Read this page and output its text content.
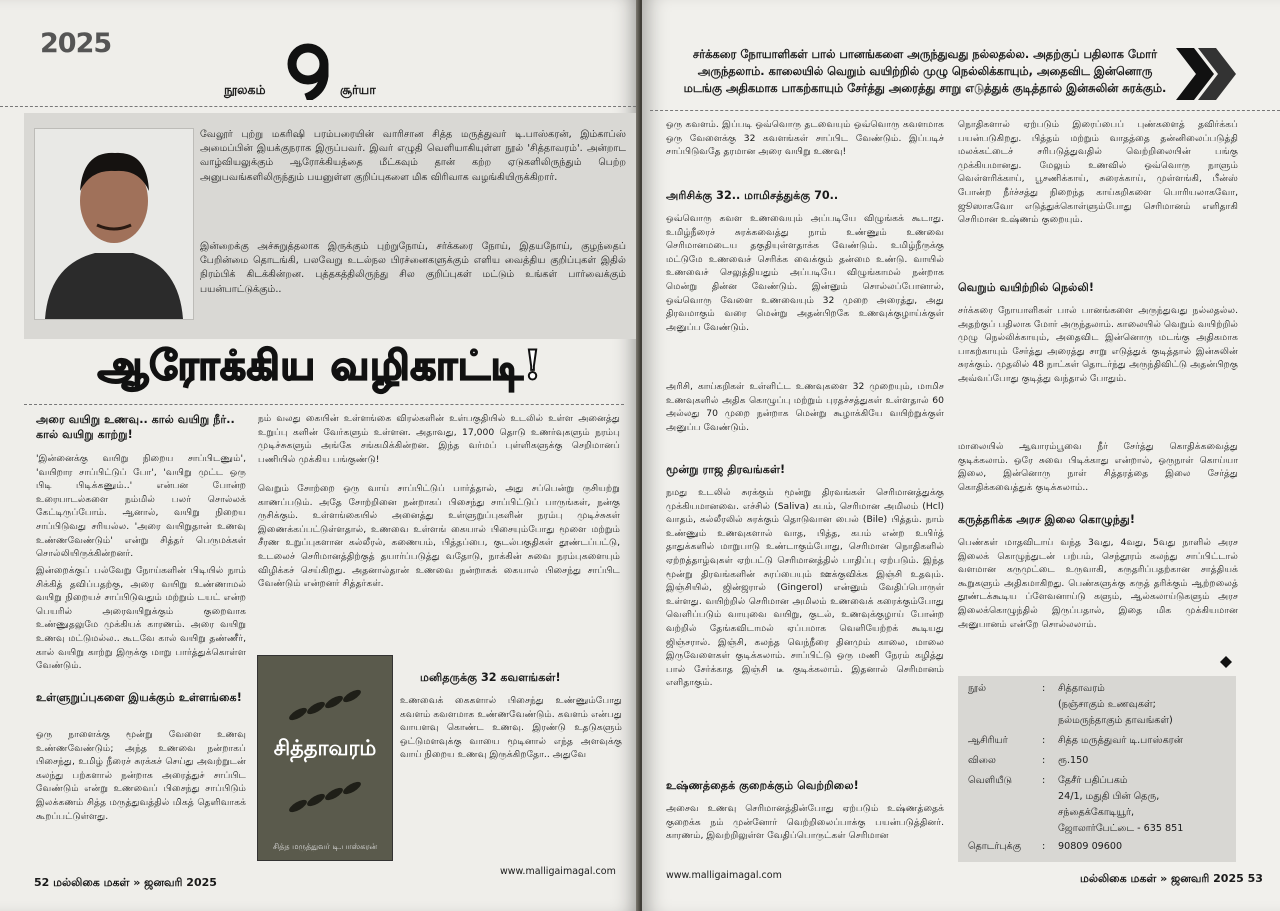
2025
நூலகம்	சூர்யா

வேலூர் புற்று மகரிஷி பரம்பரையின் வாரிசான சித்த மருத்துவர் டி.பாஸ்கரன், இம்காப்ஸ் அமைப்பின் இயக்குநராக இருப்பவர். இவர் எழுதி வெளியாகியுள்ள நூல் 'சித்தாவரம்'. அன்றாட வாழ்வியலுக்கும் ஆரோக்கியத்தை மீட்கவும் தான் கற்ற ஏடுகளிலிருந்தும் பெற்ற அனுபவங்களிலிருந்தும் பயனுள்ள குறிப்புகளை மிக விரிவாக வழங்கியிருக்கிறார்.

இன்றைக்கு அச்சுறுத்தலாக இருக்கும் புற்றுநோய், சர்க்கரை நோய், இதயநோய், குழந்தைப் பேறின்மை தொடங்கி, பலவேறு உடல்நல பிரச்னைகளுக்கும் எளிய வைத்திய குறிப்புகள் இதில் நிரம்பிக் கிடக்கின்றன. புத்தகத்திலிருந்து சில குறிப்புகள் மட்டும் உங்கள் பார்வைக்கும் பயன்பாட்டுக்கும்..

ஆரோக்கிய வழிகாட்டி!
அரை வயிறு உணவு.. கால் வயிறு நீர்.. கால் வயிறு காற்று!

'இன்னைக்கு வயிறு நிறைய சாப்பிடணும்', 'வயிறார சாப்பிட்டுப் போ', 'வயிறு முட்ட ஒரு பிடி பிடிக்கணும்..' என்பன போன்ற உரையாடல்களை நம்மில் பலர் சொல்லக் கேட்டிருப்போம். ஆனால், வயிறு நிறைய சாப்பிடுவது சரியல்ல. 'அரை வயிறுதான் உணவு உண்ணவேண்டும்' என்று சித்தர் பெருமக்கள் சொல்லியிருக்கின்றனர்.

இன்றைக்குப் பல்வேறு நோய்களின் பிடியில் நாம் சிக்கித் தவிப்பதற்கு, அரை வயிறு உண்ணாமல் வயிறு நிறையச் சாப்பிடுவதும் மற்றும் டயட் என்ற பெயரில் அரைவயிறுக்கும் குறைவாக உண்ணுதலுமே முக்கியக் காரணம். அரை வயிறு உணவு மட்டுமல்ல.. கூடவே கால் வயிறு தண்ணீர், கால் வயிறு காற்று இருக்கு மாறு பார்த்துக்கொள்ள வேண்டும்.

உள்ளுறுப்புகளை இயக்கும் உள்ளங்கை!

ஒரு நாளைக்கு மூன்று வேளை உணவு உண்ணவேண்டும்; அந்த உணவை நன்றாகப் பிசைந்து, உமிழ் நீரைச் சுரக்கச் செய்து அவற்றுடன் கலந்து பற்களால் நன்றாக அரைத்துச் சாப்பிட வேண்டும் என்று உணவைப் பிசைந்து சாப்பிடும் இலக்கணம் சித்த மருத்துவத்தில் மிகத் தெளிவாகக் கூறப்பட்டுள்ளது.

நம் வலது கையின் உள்ளங்கை விரல்களின் உள்பகுதியில் உடலில் உள்ள அனைத்து உறுப்பு களின் வேர்களும் உள்ளன. அதாவது, 17,000 தொடு உணர்வுகளும் நரம்பு முடிச்சுகளும் அங்கே சங்கமிக்கின்றன. இந்த வர்மப் புள்ளிகளுக்கு செறிமானப் பணியில் முக்கிய பங்குண்டு!

வெறும் சோற்றை ஒரு வாய் சாப்பிட்டுப் பார்த்தால், அது சப்பென்று ருசியற்று காணப்படும். அதே சோற்றினை நன்றாகப் பிசைந்து சாப்பிட்டுப் பாருங்கள், நன்கு ருசிக்கும். உள்ளங்கையில் அனைத்து உள்ளுறுப்புகளின் நரம்பு முடிச்சுகள் இணைக்கப்பட்டுள்ளதால், உணவை உள்ளங் கையால் பிசையும்போது மூளை மற்றும் சீரண உறுப்புகளான கல்லீரல், கணையம், பித்தப்பை, குடல்பகுதிகள் தூண்டப்பட்டு, உடலைச் செரிமானத்திற்குத் தயார்ப்படுத்து வதோடு, நாக்கின் சுவை நரம்புகளையும் விழிக்கச் செய்கிறது. அதனால்தான் உணவை நன்றாகக் கையால் பிசைந்து சாப்பிட வேண்டும் என்றனர் சித்தர்கள்.

சித்தாவரம்
சித்த மருத்துவர் டி.பாஸ்கரன்
மனிதருக்கு 32 கவளங்கள்!

உணவைக் கைகளால் பிசைந்து உண்ணும்போது கவளம் கவளமாக உண்ணவேண்டும். கவளம் என்பது வாயளவு கொண்ட உணவு. இரண்டு உதடுகளும் ஒட்டுமளவுக்கு வாயை மூடினால் எந்த அளவுக்கு வாய் நிறைய உணவு இருக்கிறதோ.. அதுவே

www.malligaimagal.com
52 மல்லிகை மகள் » ஜனவரி 2025
சர்க்கரை நோயாளிகள் பால் பானங்களை அருந்துவது நல்லதல்ல. அதற்குப் பதிலாக மோர் அருந்தலாம். காலையில் வெறும் வயிற்றில் முழு நெல்லிக்காயும், அதைவிட இன்னொரு மடங்கு அதிகமாக பாகற்காயும் சேர்த்து அரைத்து சாறு எடுத்துக் குடித்தால் இன்சுலின் சுரக்கும்.

ஒரு கவளம். இப்படி ஒவ்வொரு தடவையும் ஒவ்வொரு கவளமாக ஒரு வேளைக்கு 32 கவளங்கள் சாப்பிட வேண்டும். இப்படிச் சாப்பிடுவதே தரமான அரை வயிறு உணவு!

அரிசிக்கு 32.. மாமிசத்துக்கு 70..

ஒவ்வொரு கவள உணவையும் அப்படியே விழுங்கக் கூடாது. உமிழ்நீரைச் சுரக்கவைத்து நாம் உண்ணும் உணவை செரிமானமடைய தகுதியுள்ளதாக்க வேண்டும். உமிழ்நீருக்கு மட்டுமே உணவைச் செரிக்க வைக்கும் தன்மை உண்டு. வாயில் உணவைச் செலுத்தியதும் அப்படியே விழுங்காமல் நன்றாக மென்று தின்ன வேண்டும். இன்னும் சொல்லப்போனால், ஒவ்வொரு வேளை உணவையும் 32 முறை அரைத்து, அது திரவமாகும் வரை மென்று அதன்பிறகே உணவுக்குழாய்க்குள் அனுப்ப வேண்டும்.

அரிசி, காய்கறிகள் உள்ளிட்ட உணவுகளை 32 முறையும், மாமிச உணவுகளில் அதிக கொழுப்பு மற்றும் புரதச்சத்துகள் உள்ளதால் 60 அல்லது 70 முறை நன்றாக மென்று கூழாக்கியே வயிற்றுக்குள் அனுப்ப வேண்டும்.

மூன்று ராஜ திரவங்கள்!

நமது உடலில் சுரக்கும் மூன்று திரவங்கள் செரிமானத்துக்கு முக்கியமானவை. எச்சில் (Saliva) கபம், செரிமான அமிலம் (Hcl) வாதம், கல்லீரலில் சுரக்கும் தொடுவான பைல் (Bile) பித்தம். நாம் உண்ணும் உணவுகளால் வாத, பித்த, கபம் என்ற உயிர்த் தாதுக்களில் மாறுபாடு உண்டாகும்போது, செரிமான நொதிகளில் ஏற்றத்தாழ்வுகள் ஏற்பட்டு செரிமானத்தில் பாதிப்பு ஏற்படும். இந்த மூன்று திரவங்களின் சுரப்பையும் ஊக்குவிக்க இஞ்சி உதவும். இஞ்சியில், ஜின்ஜரால் (Gingerol) என்னும் வேதிப்பொருள் உள்ளது. வயிற்றில் செரிமான அமிலம் உணவைக் கரைக்கும்போது வெளிப்படும் வாயுவை வயிறு, குடல், உணவுக்குழாய் போன்ற வற்றில் தேங்கவிடாமல் ஏப்பமாக வெளியேற்றக் கூடியது ஜிஞ்சரால். இஞ்சி, கலந்த வெந்நீரை தினமும் காலை, மாலை இருவேளைகள் குடிக்கலாம். சாப்பிட்டு ஒரு மணி நேரம் கழித்து பால் சேர்க்காத இஞ்சி டீ குடிக்கலாம். இதனால் செரிமானம் எளிதாகும்.

உஷ்ணத்தைக் குறைக்கும் வெற்றிலை!

அசைவ உணவு செரிமானத்தின்போது ஏற்படும் உஷ்ணத்தைக் குறைக்க நம் முன்னோர் வெற்றிலைப்பாக்கு பயன்படுத்தினர். காரணம், இவற்றிலுள்ள வேதிப்பொருட்கள் செரிமான

நொதிகளால் ஏற்படும் இரைப்பைப் புண்களைத் தவிர்க்கப் பயன்படுகிறது. பித்தம் மற்றும் வாதத்தை தன்னிலைப்படுத்தி மலக்கட்டைச் சரிபடுத்துவதில் வெற்றிலையின் பங்கு முக்கியமானது. மேலும் உணவில் ஒவ்வொரு நாளும் வெள்ளரிக்காய், பூசணிக்காய், சுரைக்காய், முள்ளங்கி, பீன்ஸ் போன்ற நீர்ச்சத்து நிறைந்த காய்கறிகளை பொரியலாகவோ, ஜூஸாகவோ எடுத்துக்கொள்ளும்போது செரிமானம் எளிதாகி செரிமான உஷ்ணம் குறையும்.

வெறும் வயிற்றில் நெல்லி!

சர்க்கரை நோயாளிகள் பால் பானங்களை அருந்துவது நல்லதல்ல. அதற்குப் பதிலாக மோர் அருந்தலாம். காலையில் வெறும் வயிற்றில் முழு நெல்லிக்காயும், அதைவிட இன்னொரு மடங்கு அதிகமாக பாகற்காயும் சேர்த்து அரைத்து சாறு எடுத்துக் குடித்தால் இன்சுலின் சுரக்கும். முதலில் 48 நாட்கள் தொடர்ந்து அருந்திவிட்டு அதன்பிறகு அவ்வப்போது குடித்து வந்தால் போதும்.

மாலையில் ஆவாரம்பூவை நீர் சேர்த்து கொதிக்கவைத்து குடிக்கலாம். ஒரே சுவை பிடிக்காது என்றால், ஒருநாள் கொய்யா இலை, இன்னொரு நாள் சித்தரத்தை இலை சேர்த்து கொதிக்கவைத்துக் குடிக்கலாம்..

கருத்தரிக்க அரச இலை கொழுந்து!

பெண்கள் மாதவிடாய் வந்த 3வது, 4வது, 5வது நாளில் அரச இலைக் கொழுந்துடன் பற்பம், செந்தூரம் கலந்து சாப்பிட்டால் வளமான கருமுட்டை உருவாகி, கருதரிப்பதற்கான சாத்தியக் கூறுகளும் அதிகமாகிறது. பெண்களுக்கு கருத் தரிக்கும் ஆற்றலைத் தூண்டக்கூடிய ப்ளேவனாய்டு களும், ஆல்கலாய்டுகளும் அரச இலைக்கொழுந்தில் இருப்பதால், இதை மிக முக்கியமான அனுபானம் என்றே சொல்லலாம்.

நூல்	: சித்தாவரம்
(நஞ்சாகும் உணவுகள்;
நல்மருந்தாகும் தாவங்கள்)
ஆசிரியர்	: சித்த மருத்துவர் டி.பாஸ்கரன்
விலை	: ரூ.150
வெளியீடு	: தேசீர் பதிப்பகம்
24/1, மதுதி பின் தெரு,
சந்தைக்கோடியூர்,
ஜோலார்பேட்டை - 635 851
தொடர்புக்கு : 90809 09600
www.malligaimagal.com	மல்லிகை மகள் » ஜனவரி 2025 53
